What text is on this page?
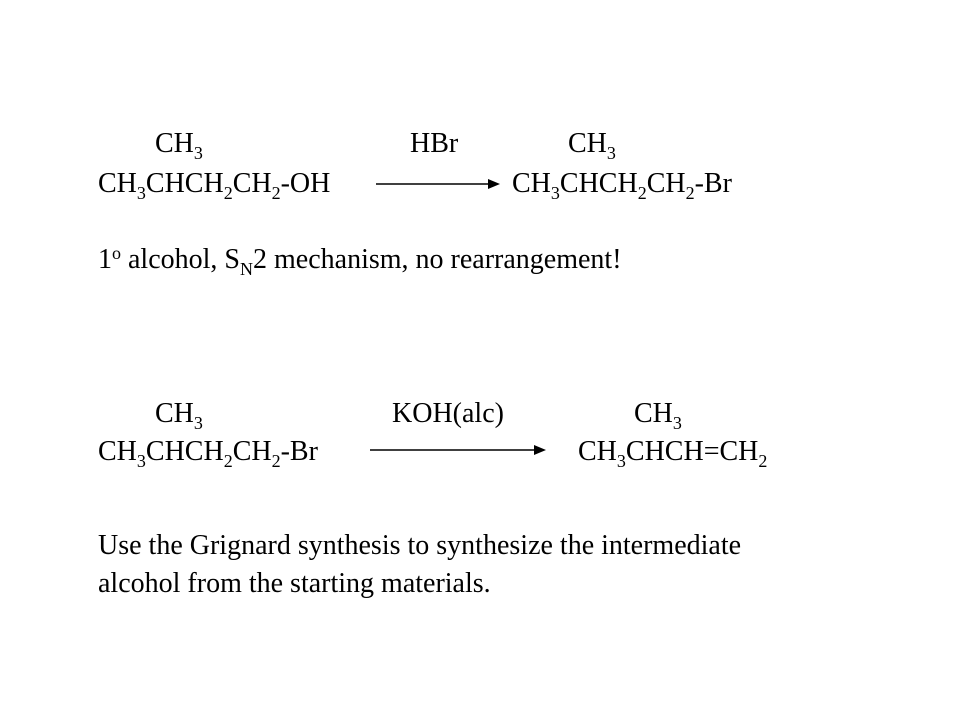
$CH_3$	HBr	$CH_3$
$CH_3CHCH_2CH_2-OH$	$CH_3CHCH_2CH_2-Br$
1$^o$ alcohol, $S_N2$ mechanism, no rearrangement!
$CH_3$	KOH(alc)	$CH_3$
$CH_3CHCH_2CH_2-Br$	$CH_3CHCH=CH_2$
Use the Grignard synthesis to synthesize the intermediate
alcohol from the starting materials.
